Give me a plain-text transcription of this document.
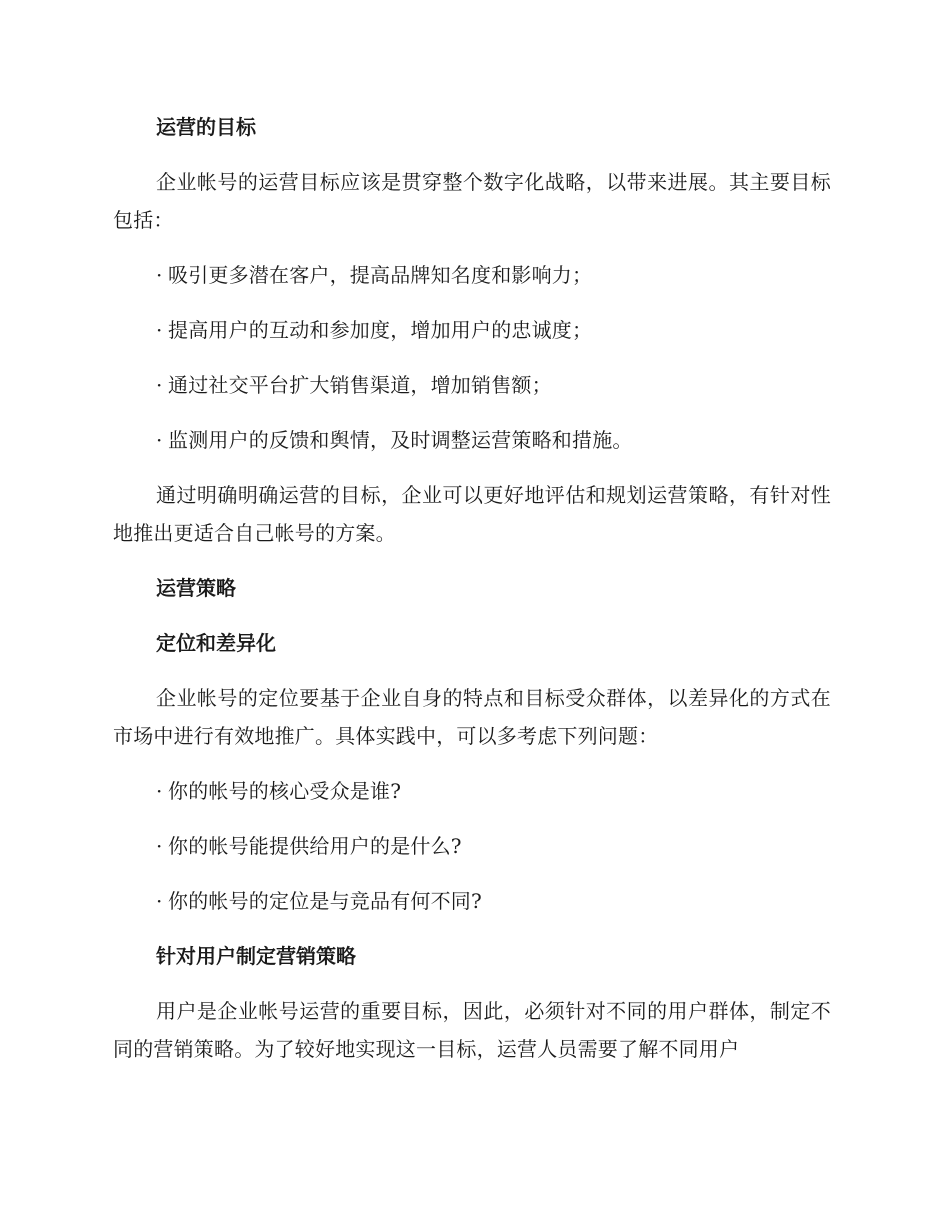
运营的目标

企业帐号的运营目标应该是贯穿整个数字化战略，以带来进展。其主要目标包括：

· 吸引更多潜在客户，提高品牌知名度和影响力；

· 提高用户的互动和参加度，增加用户的忠诚度；

· 通过社交平台扩大销售渠道，增加销售额；

· 监测用户的反馈和舆情，及时调整运营策略和措施。

通过明确明确运营的目标，企业可以更好地评估和规划运营策略，有针对性地推出更适合自己帐号的方案。

运营策略
定位和差异化

企业帐号的定位要基于企业自身的特点和目标受众群体，以差异化的方式在市场中进行有效地推广。具体实践中，可以多考虑下列问题：

· 你的帐号的核心受众是谁?

· 你的帐号能提供给用户的是什么?

· 你的帐号的定位是与竞品有何不同?

针对用户制定营销策略

用户是企业帐号运营的重要目标，因此，必须针对不同的用户群体，制定不同的营销策略。为了较好地实现这一目标，运营人员需要了解不同用户
